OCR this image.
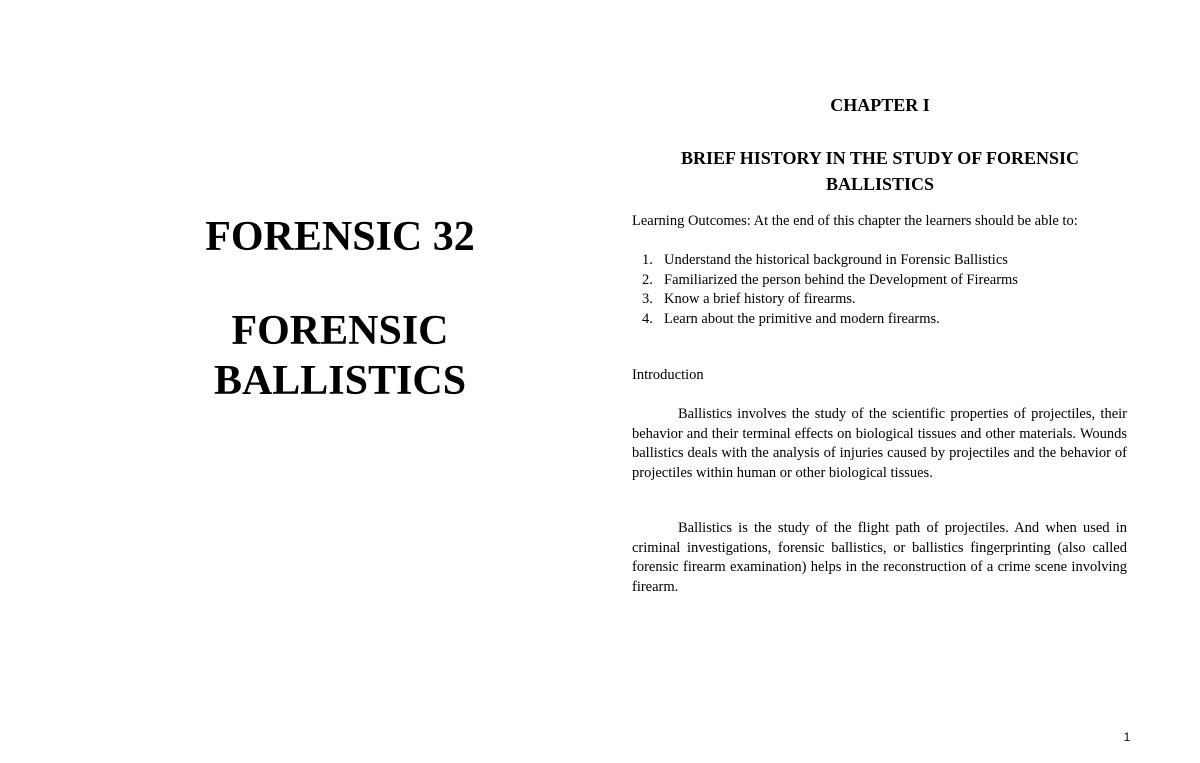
FORENSIC 32
FORENSIC
BALLISTICS
CHAPTER I
BRIEF HISTORY IN THE STUDY OF FORENSIC BALLISTICS

Learning Outcomes: At the end of this chapter the learners should be able to:

1. Understand the historical background in Forensic Ballistics
2. Familiarized the person behind the Development of Firearms
3. Know a brief history of firearms.
4. Learn about the primitive and modern firearms.

Introduction

Ballistics involves the study of the scientific properties of projectiles, their behavior and their terminal effects on biological tissues and other materials. Wounds ballistics deals with the analysis of injuries caused by projectiles and the behavior of projectiles within human or other biological tissues.

Ballistics is the study of the flight path of projectiles. And when used in criminal investigations, forensic ballistics, or ballistics fingerprinting (also called forensic firearm examination) helps in the reconstruction of a crime scene involving firearm.

1
